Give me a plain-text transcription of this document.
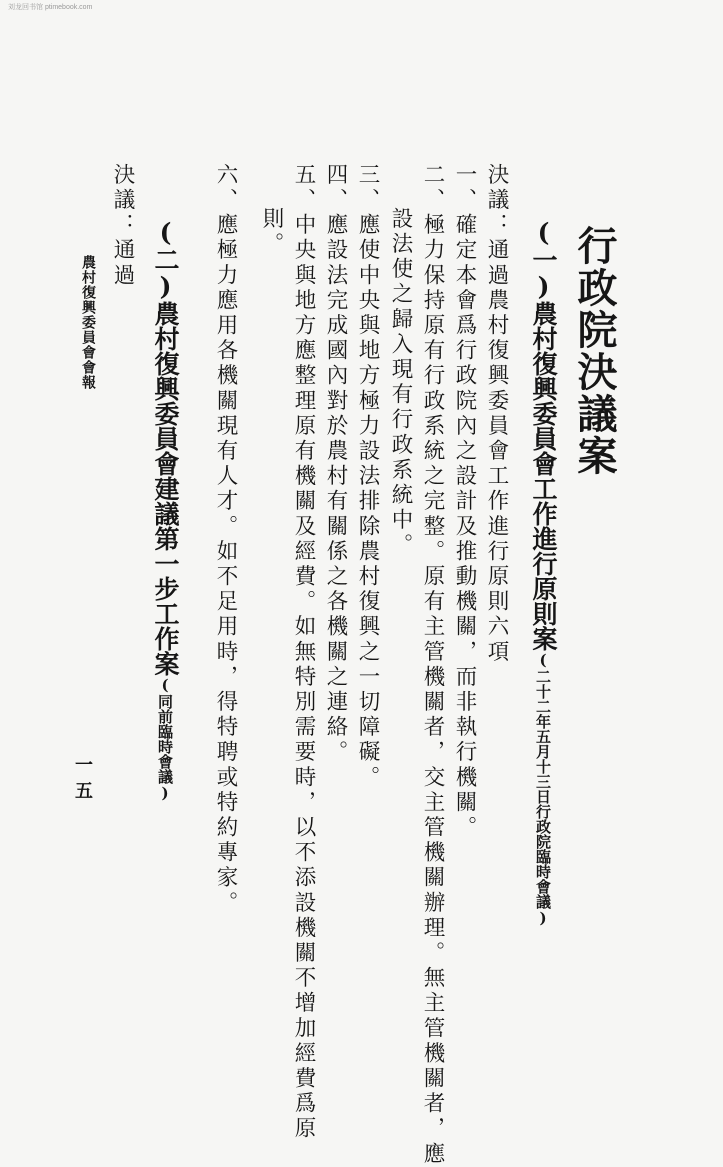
刘龙回书馆 ptimebook.com
行政院決議案
(一)農村復興委員會工作進行原則案(二十二年五月十三日行政院臨時會議)
決議：通過農村復興委員會工作進行原則六項
一、確定本會爲行政院內之設計及推動機關，而非執行機關。
二、極力保持原有行政系統之完整。原有主管機關者，交主管機關辦理。無主管機關者，應
設法使之歸入現有行政系統中。
三、應使中央與地方極力設法排除農村復興之一切障礙。
四、應設法完成國內對於農村有關係之各機關之連絡。
五、中央與地方應整理原有機關及經費。如無特別需要時，以不添設機關不增加經費爲原
則。
六、應極力應用各機關現有人才。如不足用時，得特聘或特約專家。
(二)農村復興委員會建議第一步工作案(同前臨時會議)
決議：通過
農村復興委員會會報
一五
